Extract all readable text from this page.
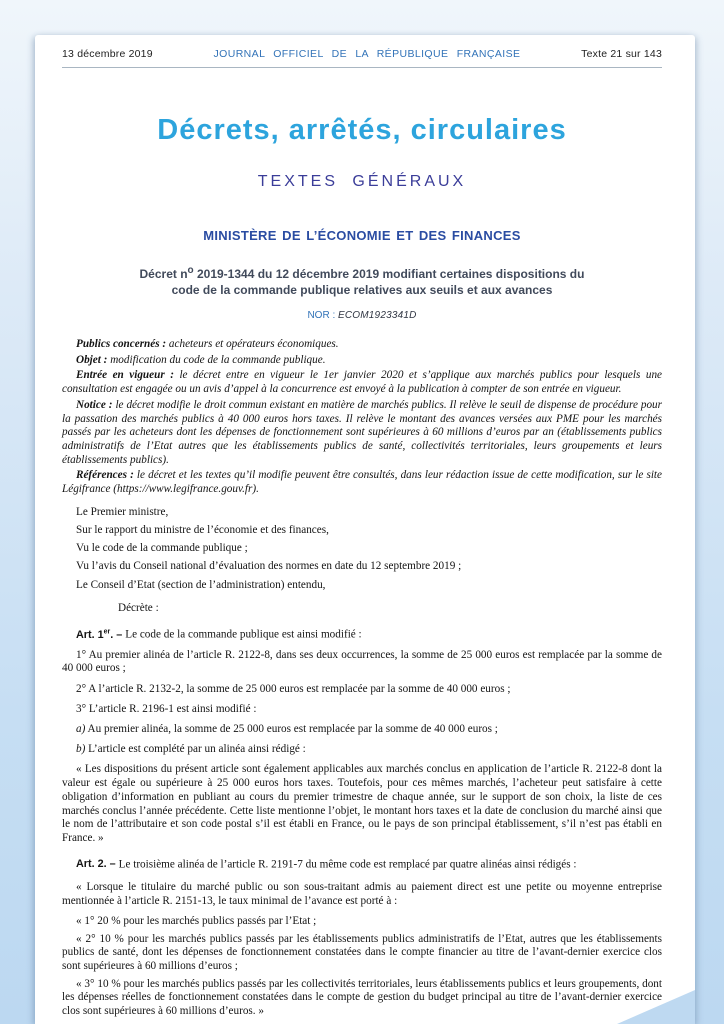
13 décembre 2019	JOURNAL OFFICIEL DE LA RÉPUBLIQUE FRANÇAISE	Texte 21 sur 143
Décrets, arrêtés, circulaires
TEXTES GÉNÉRAUX
MINISTÈRE DE L’ÉCONOMIE ET DES FINANCES
Décret $n^o$ 2019-1344 du 12 décembre 2019 modifiant certaines dispositions du code de la commande publique relatives aux seuils et aux avances
NOR : ECOM1923341D

Publics concernés : acheteurs et opérateurs économiques.

Objet : modification du code de la commande publique.

Entrée en vigueur : le décret entre en vigueur le 1er janvier 2020 et s’applique aux marchés publics pour lesquels une consultation est engagée ou un avis d’appel à la concurrence est envoyé à la publication à compter de son entrée en vigueur.

Notice : le décret modifie le droit commun existant en matière de marchés publics. Il relève le seuil de dispense de procédure pour la passation des marchés publics à 40 000 euros hors taxes. Il relève le montant des avances versées aux PME pour les marchés passés par les acheteurs dont les dépenses de fonctionnement sont supérieures à 60 millions d’euros par an (établissements publics administratifs de l’Etat autres que les établissements publics de santé, collectivités territoriales, leurs groupements et leurs établissements publics).

Références : le décret et les textes qu’il modifie peuvent être consultés, dans leur rédaction issue de cette modification, sur le site Légifrance (https://www.legifrance.gouv.fr).

Le Premier ministre,

Sur le rapport du ministre de l’économie et des finances,

Vu le code de la commande publique ;

Vu l’avis du Conseil national d’évaluation des normes en date du 12 septembre 2019 ;

Le Conseil d’Etat (section de l’administration) entendu,

Décrète :

Art. 1er. – Le code de la commande publique est ainsi modifié :

1° Au premier alinéa de l’article R. 2122-8, dans ses deux occurrences, la somme de 25 000 euros est remplacée par la somme de 40 000 euros ;

2° A l’article R. 2132-2, la somme de 25 000 euros est remplacée par la somme de 40 000 euros ;

3° L’article R. 2196-1 est ainsi modifié :

a) Au premier alinéa, la somme de 25 000 euros est remplacée par la somme de 40 000 euros ;

b) L’article est complété par un alinéa ainsi rédigé :

« Les dispositions du présent article sont également applicables aux marchés conclus en application de l’article R. 2122-8 dont la valeur est égale ou supérieure à 25 000 euros hors taxes. Toutefois, pour ces mêmes marchés, l’acheteur peut satisfaire à cette obligation d’information en publiant au cours du premier trimestre de chaque année, sur le support de son choix, la liste de ces marchés conclus l’année précédente. Cette liste mentionne l’objet, le montant hors taxes et la date de conclusion du marché ainsi que le nom de l’attributaire et son code postal s’il est établi en France, ou le pays de son principal établissement, s’il n’est pas établi en France. »

Art. 2. – Le troisième alinéa de l’article R. 2191-7 du même code est remplacé par quatre alinéas ainsi rédigés :

« Lorsque le titulaire du marché public ou son sous-traitant admis au paiement direct est une petite ou moyenne entreprise mentionnée à l’article R. 2151-13, le taux minimal de l’avance est porté à :

« 1° 20 % pour les marchés publics passés par l’Etat ;

« 2° 10 % pour les marchés publics passés par les établissements publics administratifs de l’Etat, autres que les établissements publics de santé, dont les dépenses de fonctionnement constatées dans le compte financier au titre de l’avant-dernier exercice clos sont supérieures à 60 millions d’euros ;

« 3° 10 % pour les marchés publics passés par les collectivités territoriales, leurs établissements publics et leurs groupements, dont les dépenses réelles de fonctionnement constatées dans le compte de gestion du budget principal au titre de l’avant-dernier exercice clos sont supérieures à 60 millions d’euros. »
